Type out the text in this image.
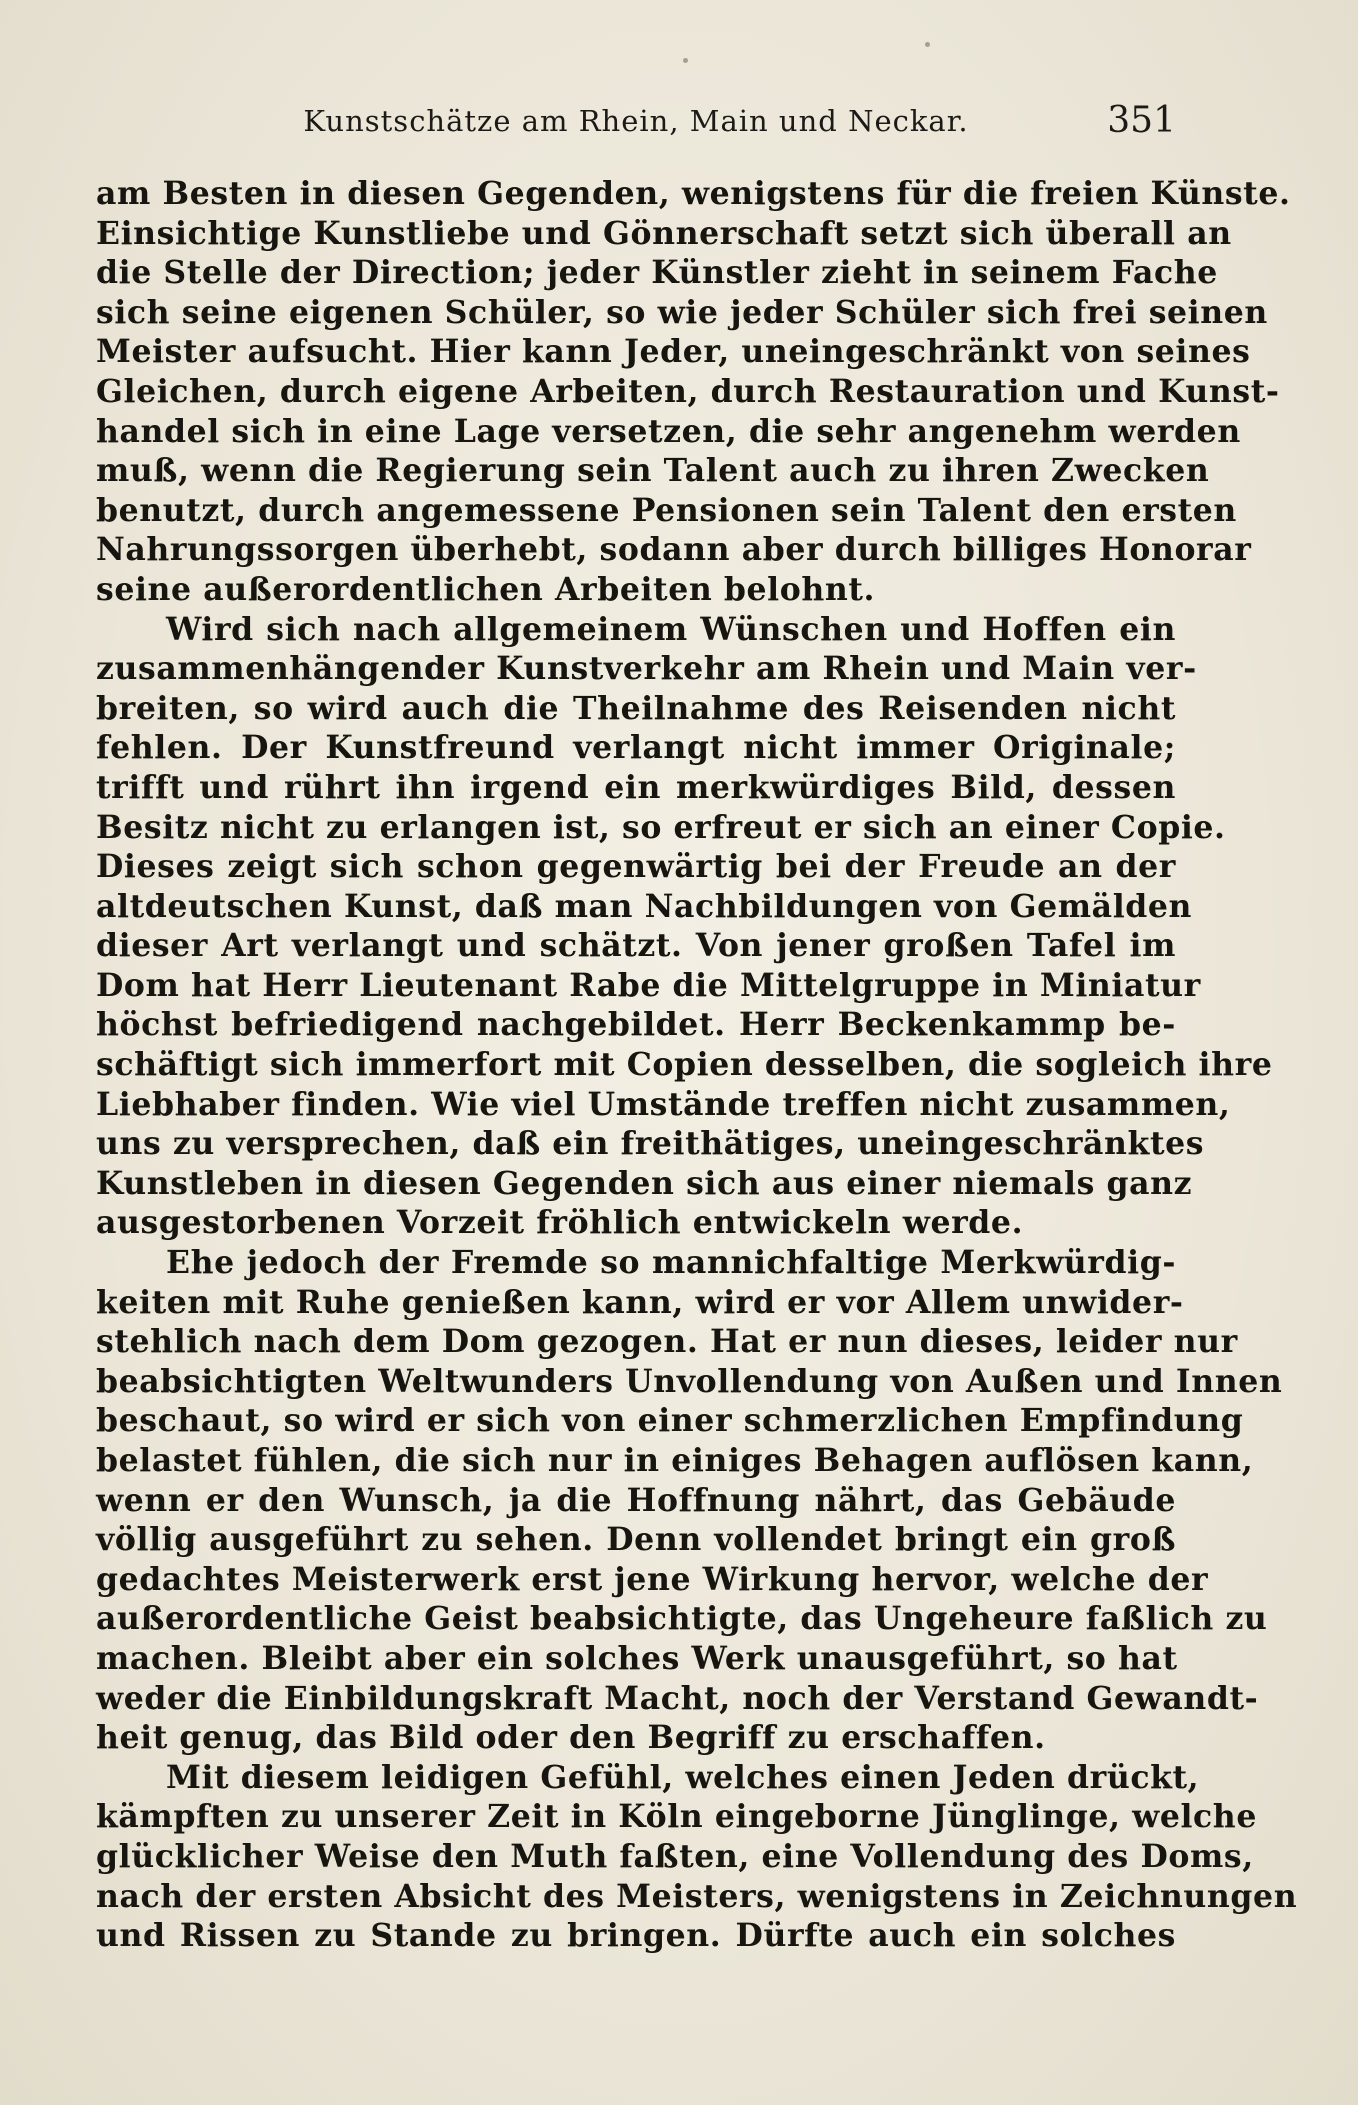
Kunstschätze am Rhein, Main und Neckar.	351
am Besten in diesen Gegenden, wenigstens für die freien Künste.
Einsichtige Kunstliebe und Gönnerschaft setzt sich überall an
die Stelle der Direction; jeder Künstler zieht in seinem Fache
sich seine eigenen Schüler, so wie jeder Schüler sich frei seinen
Meister aufsucht. Hier kann Jeder, uneingeschränkt von seines
Gleichen, durch eigene Arbeiten, durch Restauration und Kunst-
handel sich in eine Lage versetzen, die sehr angenehm werden
muß, wenn die Regierung sein Talent auch zu ihren Zwecken
benutzt, durch angemessene Pensionen sein Talent den ersten
Nahrungssorgen überhebt, sodann aber durch billiges Honorar
seine außerordentlichen Arbeiten belohnt.
Wird sich nach allgemeinem Wünschen und Hoffen ein
zusammenhängender Kunstverkehr am Rhein und Main ver-
breiten, so wird auch die Theilnahme des Reisenden nicht
fehlen. Der Kunstfreund verlangt nicht immer Originale;
trifft und rührt ihn irgend ein merkwürdiges Bild, dessen
Besitz nicht zu erlangen ist, so erfreut er sich an einer Copie.
Dieses zeigt sich schon gegenwärtig bei der Freude an der
altdeutschen Kunst, daß man Nachbildungen von Gemälden
dieser Art verlangt und schätzt. Von jener großen Tafel im
Dom hat Herr Lieutenant Rabe die Mittelgruppe in Miniatur
höchst befriedigend nachgebildet. Herr Beckenkammp be-
schäftigt sich immerfort mit Copien desselben, die sogleich ihre
Liebhaber finden. Wie viel Umstände treffen nicht zusammen,
uns zu versprechen, daß ein freithätiges, uneingeschränktes
Kunstleben in diesen Gegenden sich aus einer niemals ganz
ausgestorbenen Vorzeit fröhlich entwickeln werde.
Ehe jedoch der Fremde so mannichfaltige Merkwürdig-
keiten mit Ruhe genießen kann, wird er vor Allem unwider-
stehlich nach dem Dom gezogen. Hat er nun dieses, leider nur
beabsichtigten Weltwunders Unvollendung von Außen und Innen
beschaut, so wird er sich von einer schmerzlichen Empfindung
belastet fühlen, die sich nur in einiges Behagen auflösen kann,
wenn er den Wunsch, ja die Hoffnung nährt, das Gebäude
völlig ausgeführt zu sehen. Denn vollendet bringt ein groß
gedachtes Meisterwerk erst jene Wirkung hervor, welche der
außerordentliche Geist beabsichtigte, das Ungeheure faßlich zu
machen. Bleibt aber ein solches Werk unausgeführt, so hat
weder die Einbildungskraft Macht, noch der Verstand Gewandt-
heit genug, das Bild oder den Begriff zu erschaffen.
Mit diesem leidigen Gefühl, welches einen Jeden drückt,
kämpften zu unserer Zeit in Köln eingeborne Jünglinge, welche
glücklicher Weise den Muth faßten, eine Vollendung des Doms,
nach der ersten Absicht des Meisters, wenigstens in Zeichnungen
und Rissen zu Stande zu bringen. Dürfte auch ein solches
